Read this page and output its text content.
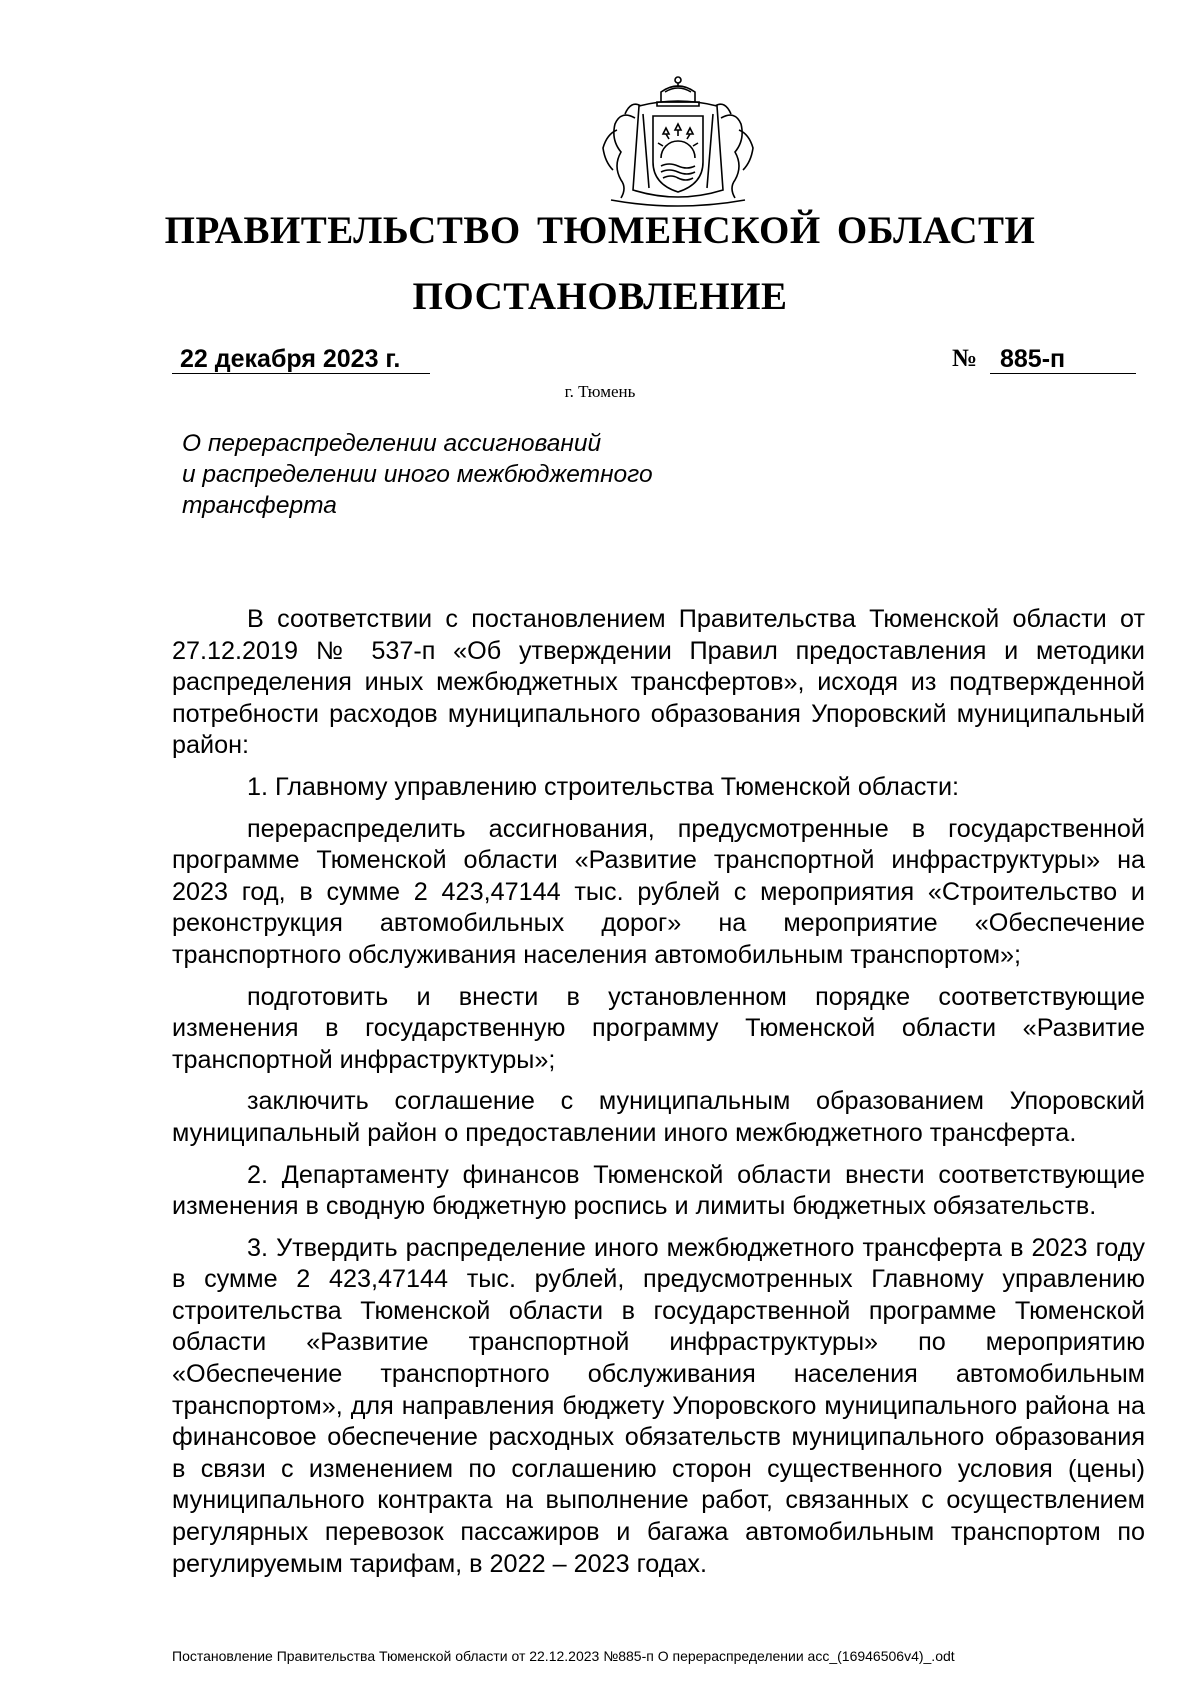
ПРАВИТЕЛЬСТВО ТЮМЕНСКОЙ ОБЛАСТИ
ПОСТАНОВЛЕНИЕ
22 декабря 2023 г.	№ 885-п
г. Тюмень
О перераспределении ассигнований
и распределении иного межбюджетного
трансферта

В соответствии с постановлением Правительства Тюменской области от 27.12.2019 № 537-п «Об утверждении Правил предоставления и методики распределения иных межбюджетных трансфертов», исходя из подтвержденной потребности расходов муниципального образования Упоровский муниципальный район:

1. Главному управлению строительства Тюменской области:

перераспределить ассигнования, предусмотренные в государственной программе Тюменской области «Развитие транспортной инфраструктуры» на 2023 год, в сумме 2 423,47144 тыс. рублей с мероприятия «Строительство и реконструкция автомобильных дорог» на мероприятие «Обеспечение транспортного обслуживания населения автомобильным транспортом»;

подготовить и внести в установленном порядке соответствующие изменения в государственную программу Тюменской области «Развитие транспортной инфраструктуры»;

заключить соглашение с муниципальным образованием Упоровский муниципальный район о предоставлении иного межбюджетного трансферта.

2. Департаменту финансов Тюменской области внести соответствующие изменения в сводную бюджетную роспись и лимиты бюджетных обязательств.

3. Утвердить распределение иного межбюджетного трансферта в 2023 году в сумме 2 423,47144 тыс. рублей, предусмотренных Главному управлению строительства Тюменской области в государственной программе Тюменской области «Развитие транспортной инфраструктуры» по мероприятию «Обеспечение транспортного обслуживания населения автомобильным транспортом», для направления бюджету Упоровского муниципального района на финансовое обеспечение расходных обязательств муниципального образования в связи с изменением по соглашению сторон существенного условия (цены) муниципального контракта на выполнение работ, связанных с осуществлением регулярных перевозок пассажиров и багажа автомобильным транспортом по регулируемым тарифам, в 2022 – 2023 годах.

Постановление Правительства Тюменской области от 22.12.2023 №885-п О перераспределении асс_(16946506v4)_.odt
